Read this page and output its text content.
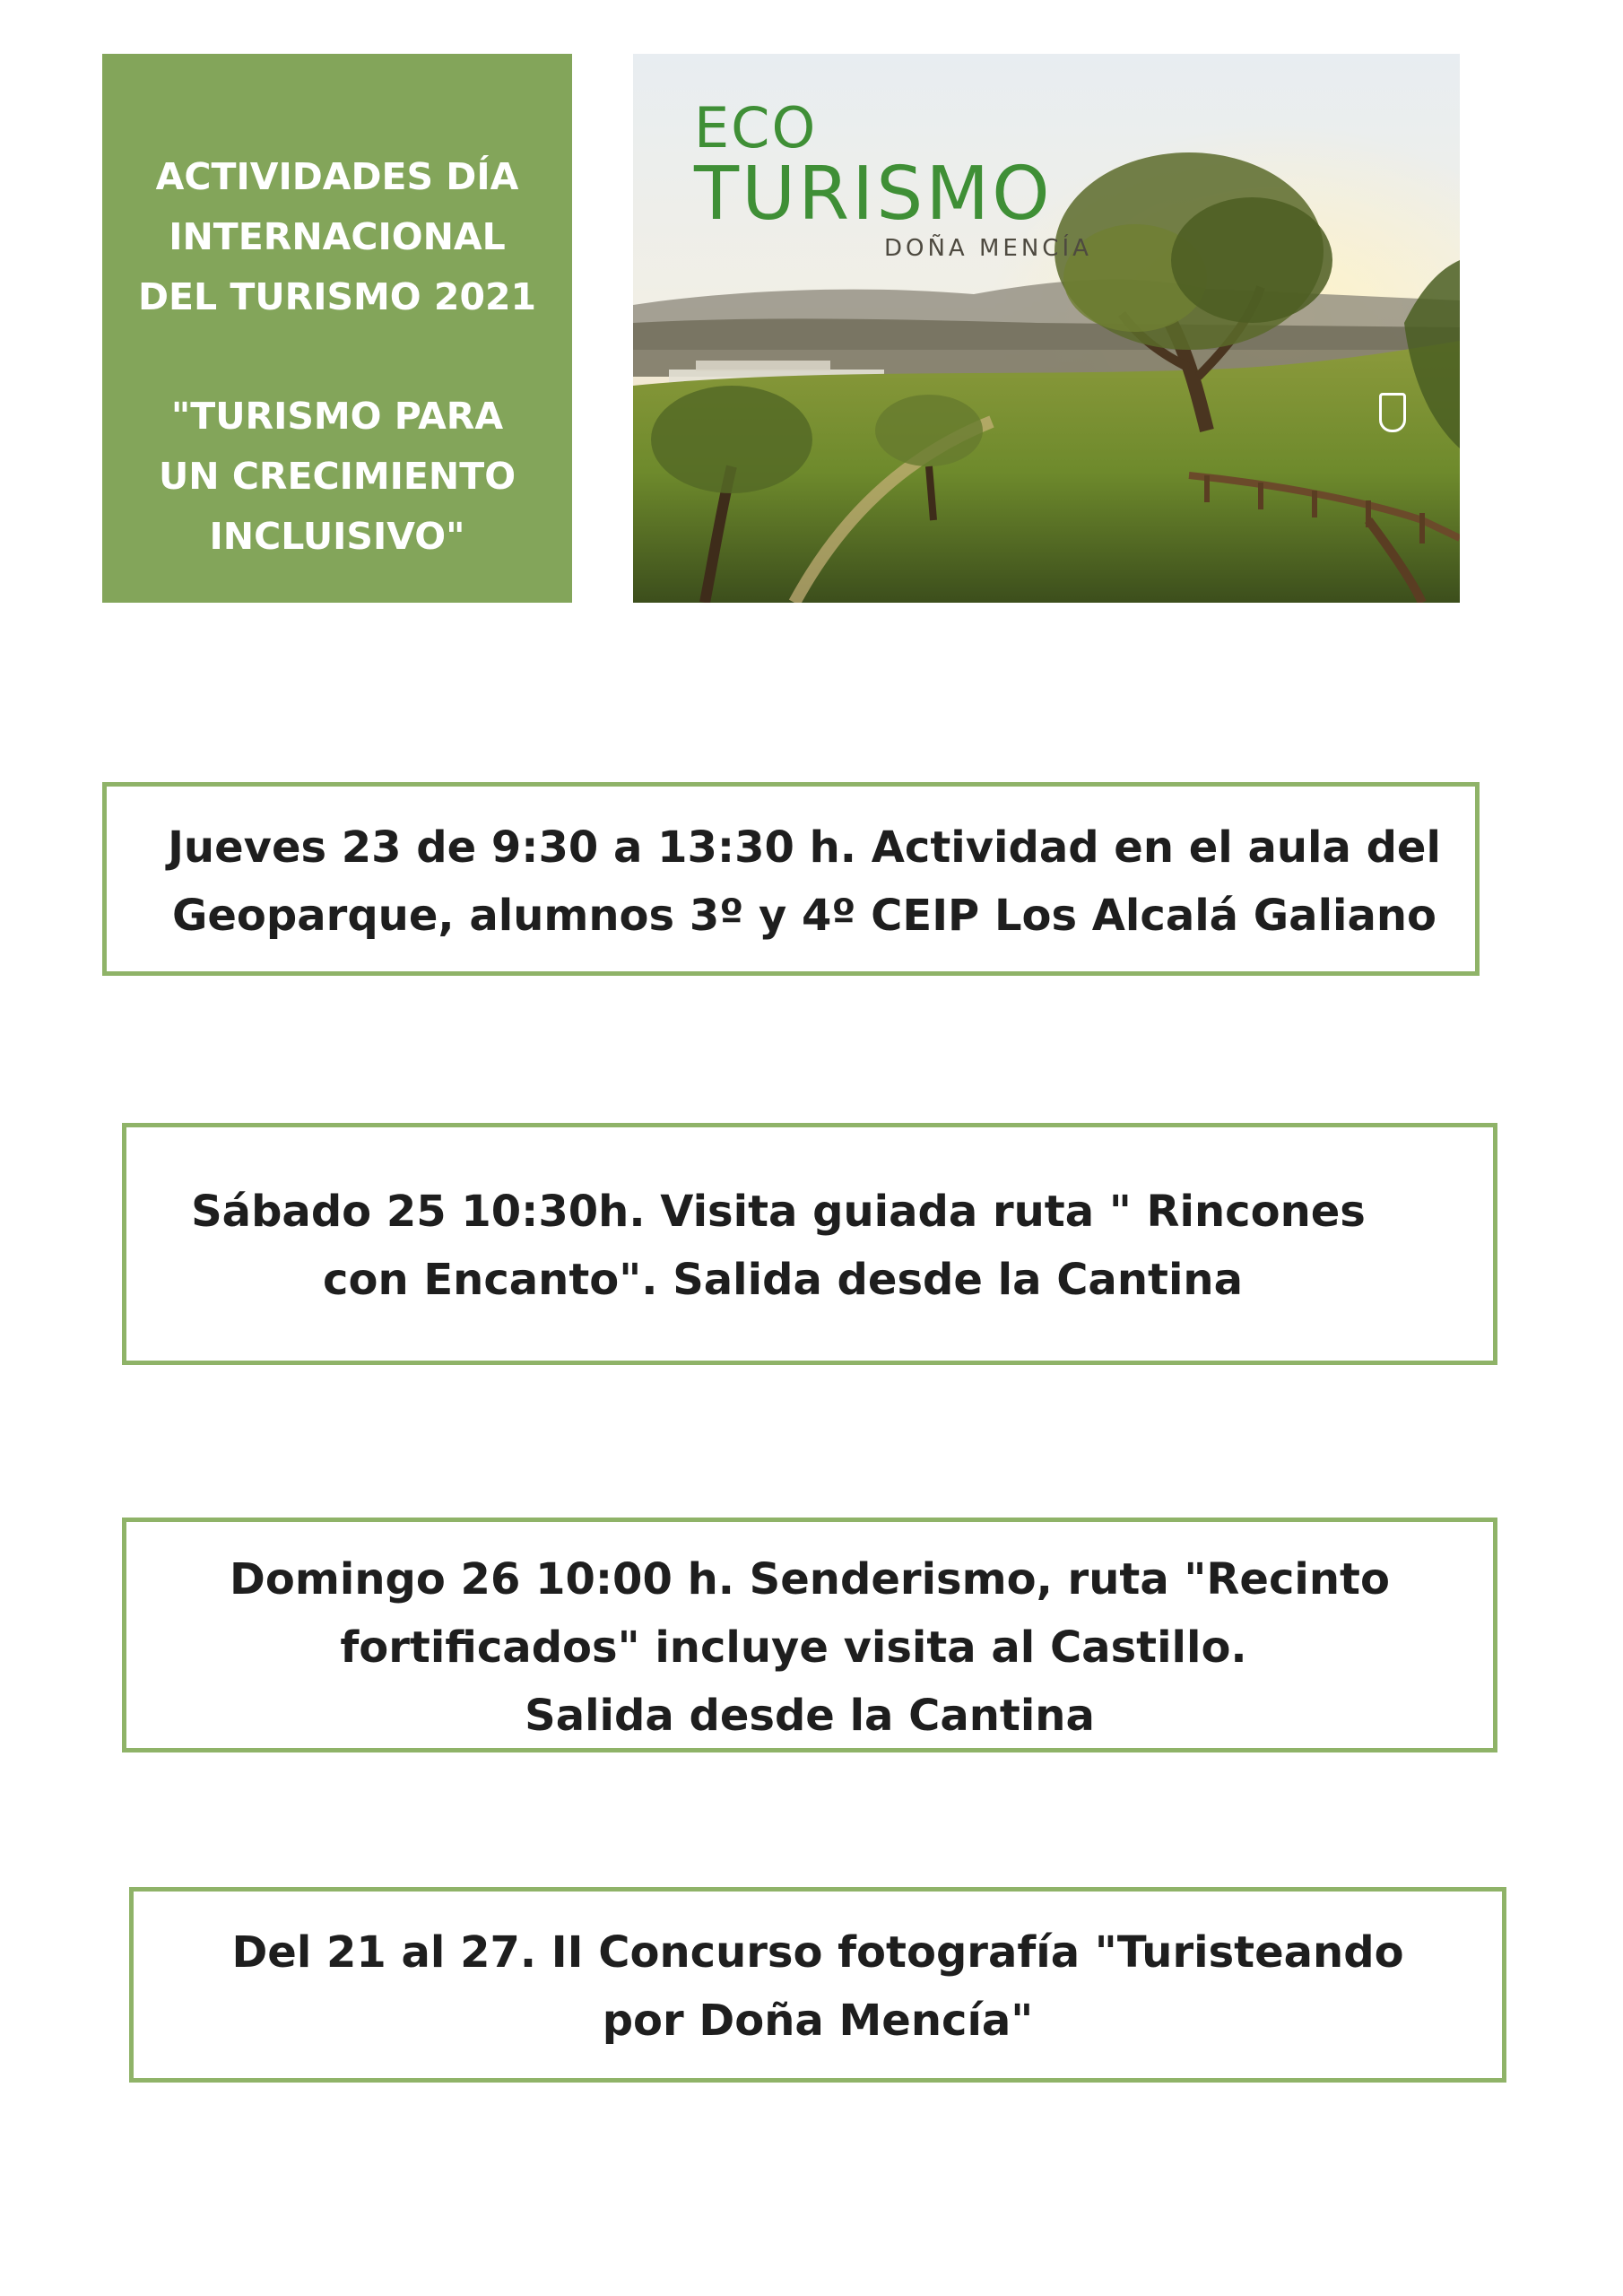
ACTIVIDADES DÍA
INTERNACIONAL
DEL TURISMO 2021
"TURISMO PARA
UN CRECIMIENTO
INCLUISIVO"
ECO
TURISMO
DOÑA MENCÍA
Jueves 23 de 9:30 a 13:30 h. Actividad en el aula del
Geoparque, alumnos 3º y 4º CEIP Los Alcalá Galiano
Sábado 25 10:30h. Visita guiada ruta " Rincones
con Encanto". Salida desde la Cantina
Domingo 26 10:00 h. Senderismo, ruta "Recinto
fortificados" incluye visita al Castillo.
Salida desde la Cantina
Del 21 al 27. II Concurso fotografía "Turisteando
por Doña Mencía"
